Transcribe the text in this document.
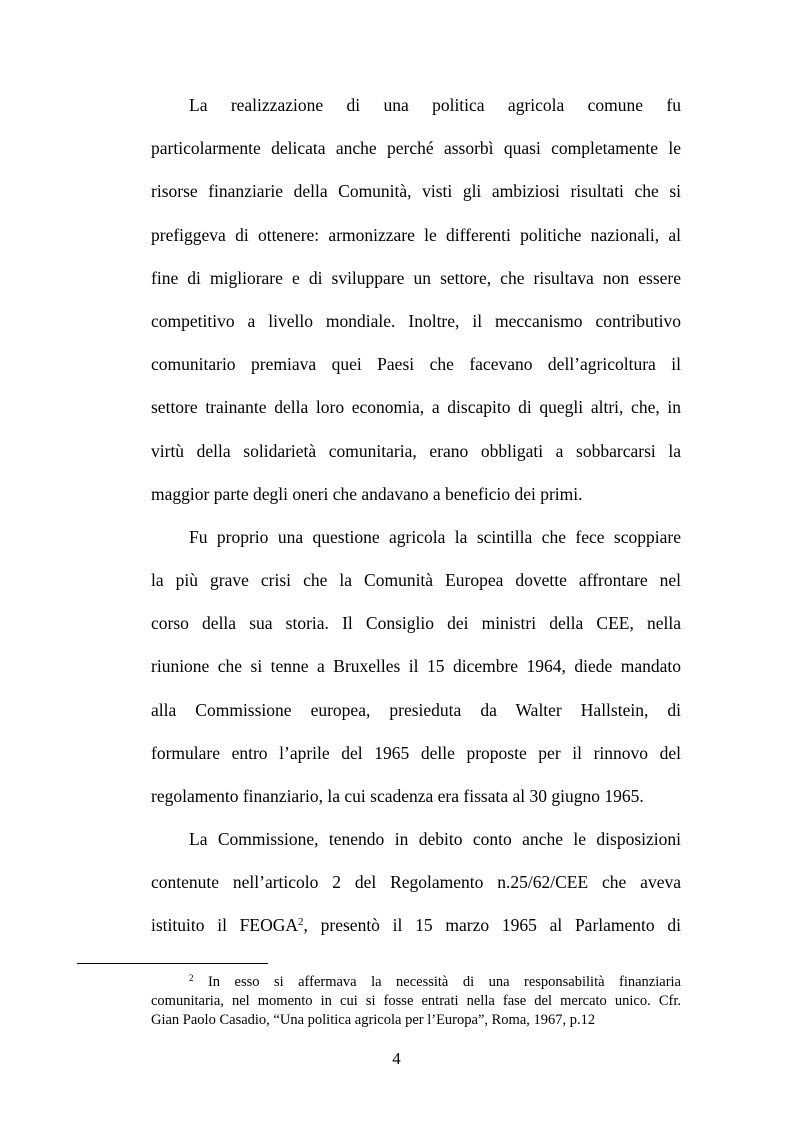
La realizzazione di una politica agricola comune fu
particolarmente delicata anche perché assorbì quasi completamente le
risorse finanziarie della Comunità, visti gli ambiziosi risultati che si
prefiggeva di ottenere: armonizzare le differenti politiche nazionali, al
fine di migliorare e di sviluppare un settore, che risultava non essere
competitivo a livello mondiale. Inoltre, il meccanismo contributivo
comunitario premiava quei Paesi che facevano dell’agricoltura il
settore trainante della loro economia, a discapito di quegli altri, che, in
virtù della solidarietà comunitaria, erano obbligati a sobbarcarsi la
maggior parte degli oneri che andavano a beneficio dei primi.
Fu proprio una questione agricola la scintilla che fece scoppiare
la più grave crisi che la Comunità Europea dovette affrontare nel
corso della sua storia. Il Consiglio dei ministri della CEE, nella
riunione che si tenne a Bruxelles il 15 dicembre 1964, diede mandato
alla Commissione europea, presieduta da Walter Hallstein, di
formulare entro l’aprile del 1965 delle proposte per il rinnovo del
regolamento finanziario, la cui scadenza era fissata al 30 giugno 1965.
La Commissione, tenendo in debito conto anche le disposizioni
contenute nell’articolo 2 del Regolamento n.25/62/CEE che aveva
istituito il FEOGA$^2$, presentò il 15 marzo 1965 al Parlamento di
$^2$ In esso si affermava la necessità di una responsabilità finanziaria
comunitaria, nel momento in cui si fosse entrati nella fase del mercato unico. Cfr.
Gian Paolo Casadio, “Una politica agricola per l’Europa”, Roma, 1967, p.12
4
